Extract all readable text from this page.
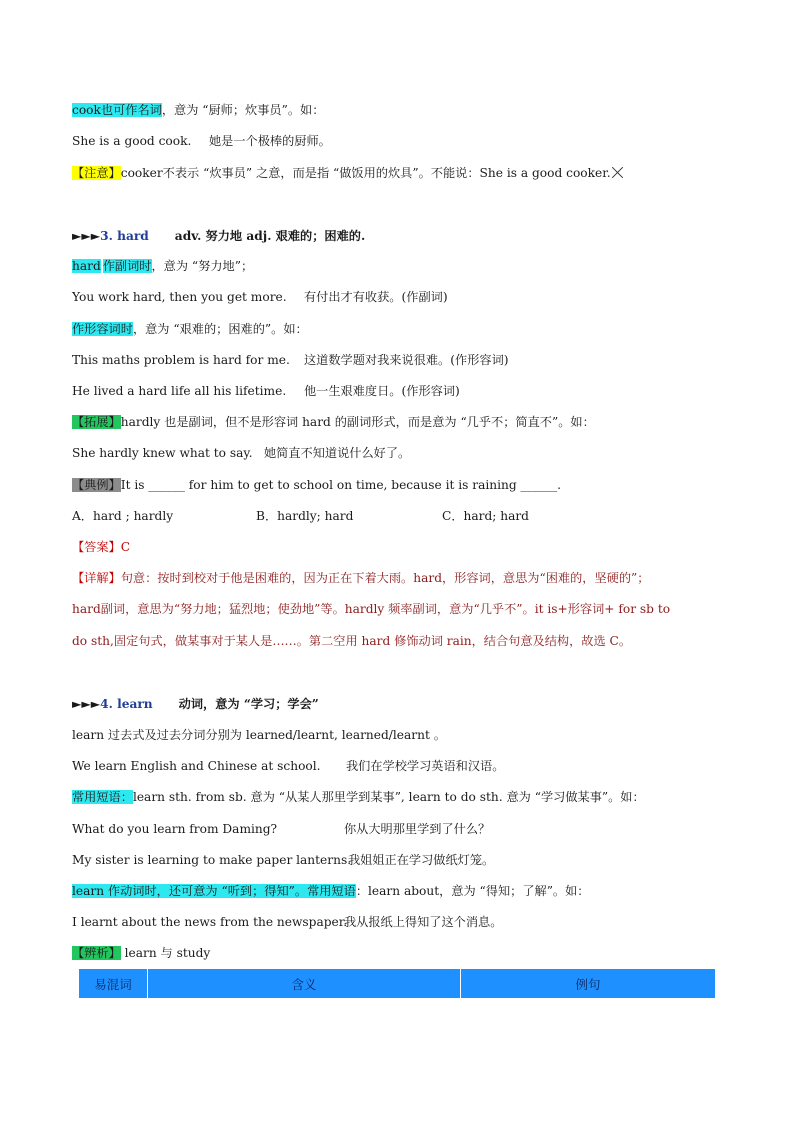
cook也可作名词，意为 “厨师；炊事员”。如：
She is a good cook. 她是一个极棒的厨师。
【注意】cooker不表示 “炊事员” 之意，而是指 “做饭用的炊具”。不能说：She is a good cooker.
►►►3. hard adv. 努力地 adj. 艰难的；困难的.
hard 作副词时，意为 “努力地”；
You work hard, then you get more. 有付出才有收获。(作副词)
作形容词时，意为 “艰难的；困难的”。如：
This maths problem is hard for me. 这道数学题对我来说很难。(作形容词)
He lived a hard life all his lifetime. 他一生艰难度日。(作形容词)
【拓展】hardly 也是副词，但不是形容词 hard 的副词形式，而是意为 “几乎不；简直不”。如：
She hardly knew what to say. 她简直不知道说什么好了。
【典例】It is ______ for him to get to school on time, because it is raining ______.
A．hard ; hardly	B．hardly; hard	C．hard; hard
【答案】C
【详解】句意：按时到校对于他是困难的，因为正在下着大雨。hard，形容词，意思为“困难的，坚硬的”；
hard副词，意思为“努力地；猛烈地；使劲地”等。hardly 频率副词，意为“几乎不”。it is+形容词+ for sb to
do sth,固定句式，做某事对于某人是……。第二空用 hard 修饰动词 rain，结合句意及结构，故选 C。
►►►4. learn 动词，意为 “学习；学会”
learn 过去式及过去分词分别为 learned/learnt, learned/learnt 。
We learn English and Chinese at school. 我们在学校学习英语和汉语。
常用短语：learn sth. from sb. 意为 “从某人那里学到某事”, learn to do sth. 意为 “学习做某事”。如：
What do you learn from Daming?	你从大明那里学到了什么？
My sister is learning to make paper lanterns.我姐姐正在学习做纸灯笼。
learn 作动词时，还可意为 “听到；得知”。常用短语：learn about，意为 “得知；了解”。如：
I learnt about the news from the newspaper.我从报纸上得知了这个消息。
【辨析】 learn 与 study
易混词	含义	例句
